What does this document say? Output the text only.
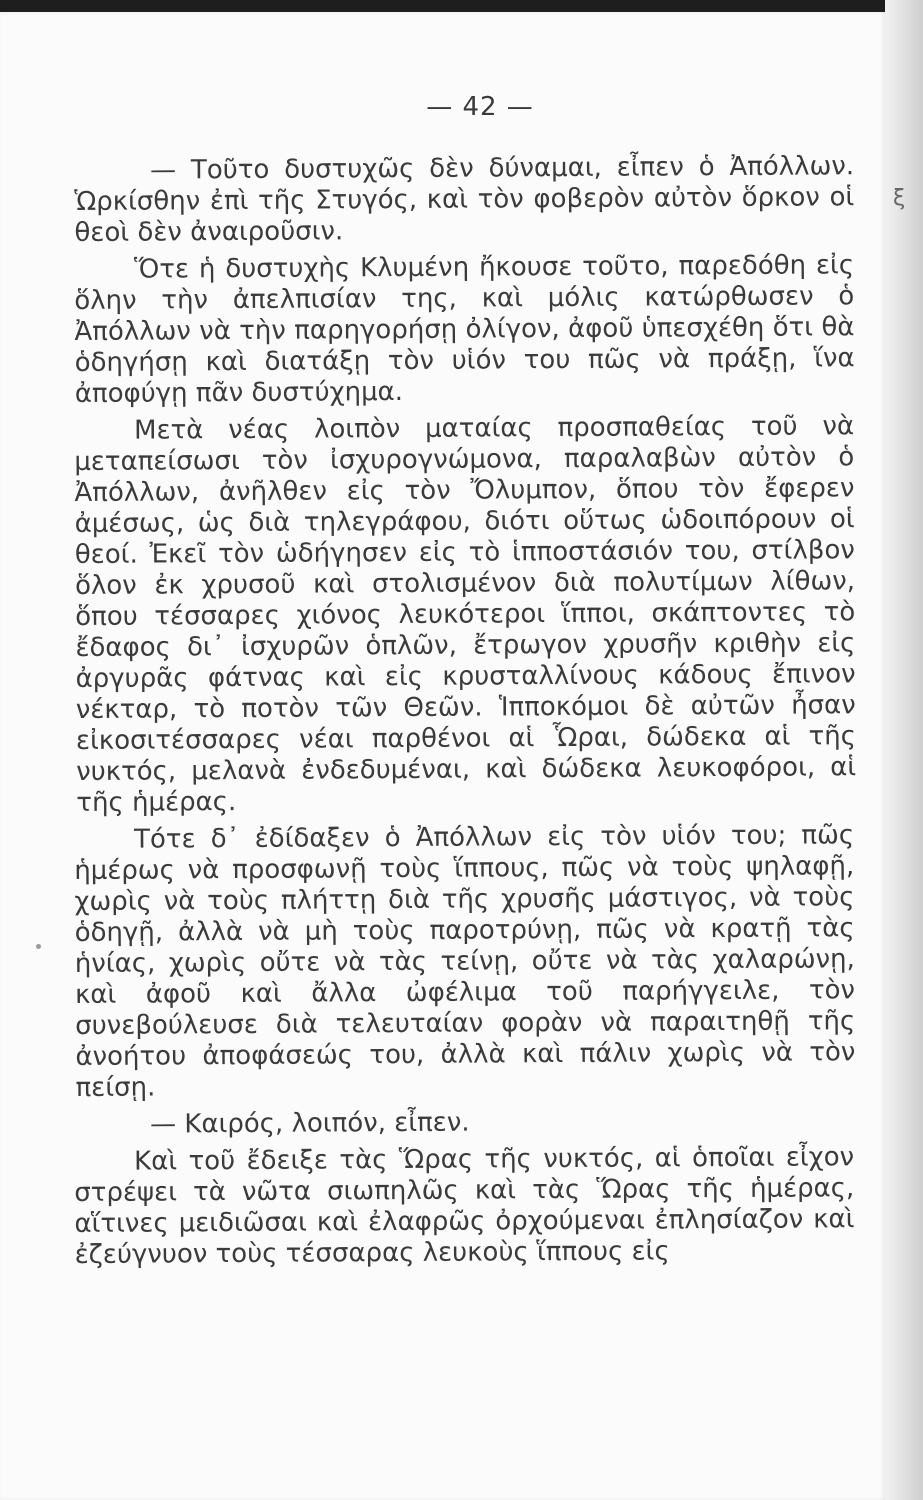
— 42 —
ξ

— Τοῦτο δυστυχῶς δὲν δύναμαι, εἶπεν ὁ Ἀπόλλων. Ὡρκίσθην ἐπὶ τῆς Στυγός, καὶ τὸν φοβερὸν αὐτὸν ὅρκον οἱ θεοὶ δὲν ἀναιροῦσιν.

Ὅτε ἡ δυστυχὴς Κλυμένη ἤκουσε τοῦτο, παρεδόθη εἰς ὅλην τὴν ἀπελπισίαν της, καὶ μόλις κατώρθωσεν ὁ Ἀπόλλων νὰ τὴν παρηγορήσῃ ὀλίγον, ἀφοῦ ὑπεσχέθη ὅτι θὰ ὁδηγήσῃ καὶ διατάξῃ τὸν υἱόν του πῶς νὰ πράξῃ, ἵνα ἀποφύγῃ πᾶν δυστύχημα.

Μετὰ νέας λοιπὸν ματαίας προσπαθείας τοῦ νὰ μεταπείσωσι τὸν ἰσχυρογνώμονα, παραλαβὼν αὐτὸν ὁ Ἀπόλλων, ἀνῆλθεν εἰς τὸν Ὄλυμπον, ὅπου τὸν ἔφερεν ἀμέσως, ὡς διὰ τηλεγράφου, διότι οὕτως ὡδοιπόρουν οἱ θεοί. Ἐκεῖ τὸν ὡδήγησεν εἰς τὸ ἱπποστάσιόν του, στίλβον ὅλον ἐκ χρυσοῦ καὶ στολισμένον διὰ πολυτίμων λίθων, ὅπου τέσσαρες χιόνος λευκότεροι ἵπποι, σκάπτοντες τὸ ἔδαφος δι᾽ ἰσχυρῶν ὁπλῶν, ἔτρωγον χρυσῆν κριθὴν εἰς ἀργυρᾶς φάτνας καὶ εἰς κρυσταλλίνους κάδους ἔπινον νέκταρ, τὸ ποτὸν τῶν Θεῶν. Ἱπποκόμοι δὲ αὐτῶν ἦσαν εἰκοσιτέσσαρες νέαι παρθένοι αἱ Ὧραι, δώδεκα αἱ τῆς νυκτός, μελανὰ ἐνδεδυμέναι, καὶ δώδεκα λευκοφόροι, αἱ τῆς ἡμέρας.

Τότε δ᾽ ἐδίδαξεν ὁ Ἀπόλλων εἰς τὸν υἱόν του; πῶς ἡμέρως νὰ προσφωνῇ τοὺς ἵππους, πῶς νὰ τοὺς ψηλαφῇ, χωρὶς νὰ τοὺς πλήττῃ διὰ τῆς χρυσῆς μάστιγος, νὰ τοὺς ὁδηγῇ, ἀλλὰ νὰ μὴ τοὺς παροτρύνῃ, πῶς νὰ κρατῇ τὰς ἡνίας, χωρὶς οὔτε νὰ τὰς τείνῃ, οὔτε νὰ τὰς χαλαρώνῃ, καὶ ἀφοῦ καὶ ἄλλα ὠφέλιμα τοῦ παρήγγειλε, τὸν συνεβούλευσε διὰ τελευταίαν φορὰν νὰ παραιτηθῇ τῆς ἀνοήτου ἀποφάσεώς του, ἀλλὰ καὶ πάλιν χωρὶς νὰ τὸν πείσῃ.

— Καιρός, λοιπόν, εἶπεν.

Καὶ τοῦ ἔδειξε τὰς Ὥρας τῆς νυκτός, αἱ ὁποῖαι εἶχον στρέψει τὰ νῶτα σιωπηλῶς καὶ τὰς Ὥρας τῆς ἡμέρας, αἵτινες μειδιῶσαι καὶ ἐλαφρῶς ὀρχούμεναι ἐπλησίαζον καὶ ἐζεύγνυον τοὺς τέσσαρας λευκοὺς ἵππους εἰς
